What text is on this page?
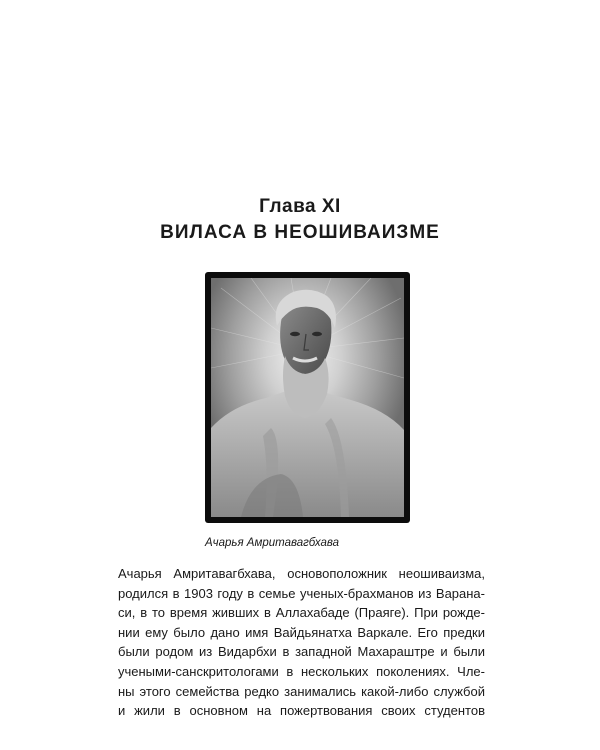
Глава XI
ВИЛАСА В НЕОШИВАИЗМЕ
Ачарья Амритавагбхава
Ачарья Амритавагбхава, основоположник неошиваизма,
родился в 1903 году в семье ученых-брахманов из Варана-
си, в то время живших в Аллахабаде (Праяге). При рожде-
нии ему было дано имя Вайдьянатха Варкале. Его предки
были родом из Видарбхи в западной Махараштре и были
учеными-санскритологами в нескольких поколениях. Чле-
ны этого семейства редко занимались какой-либо службой
и жили в основном на пожертвования своих студентов
